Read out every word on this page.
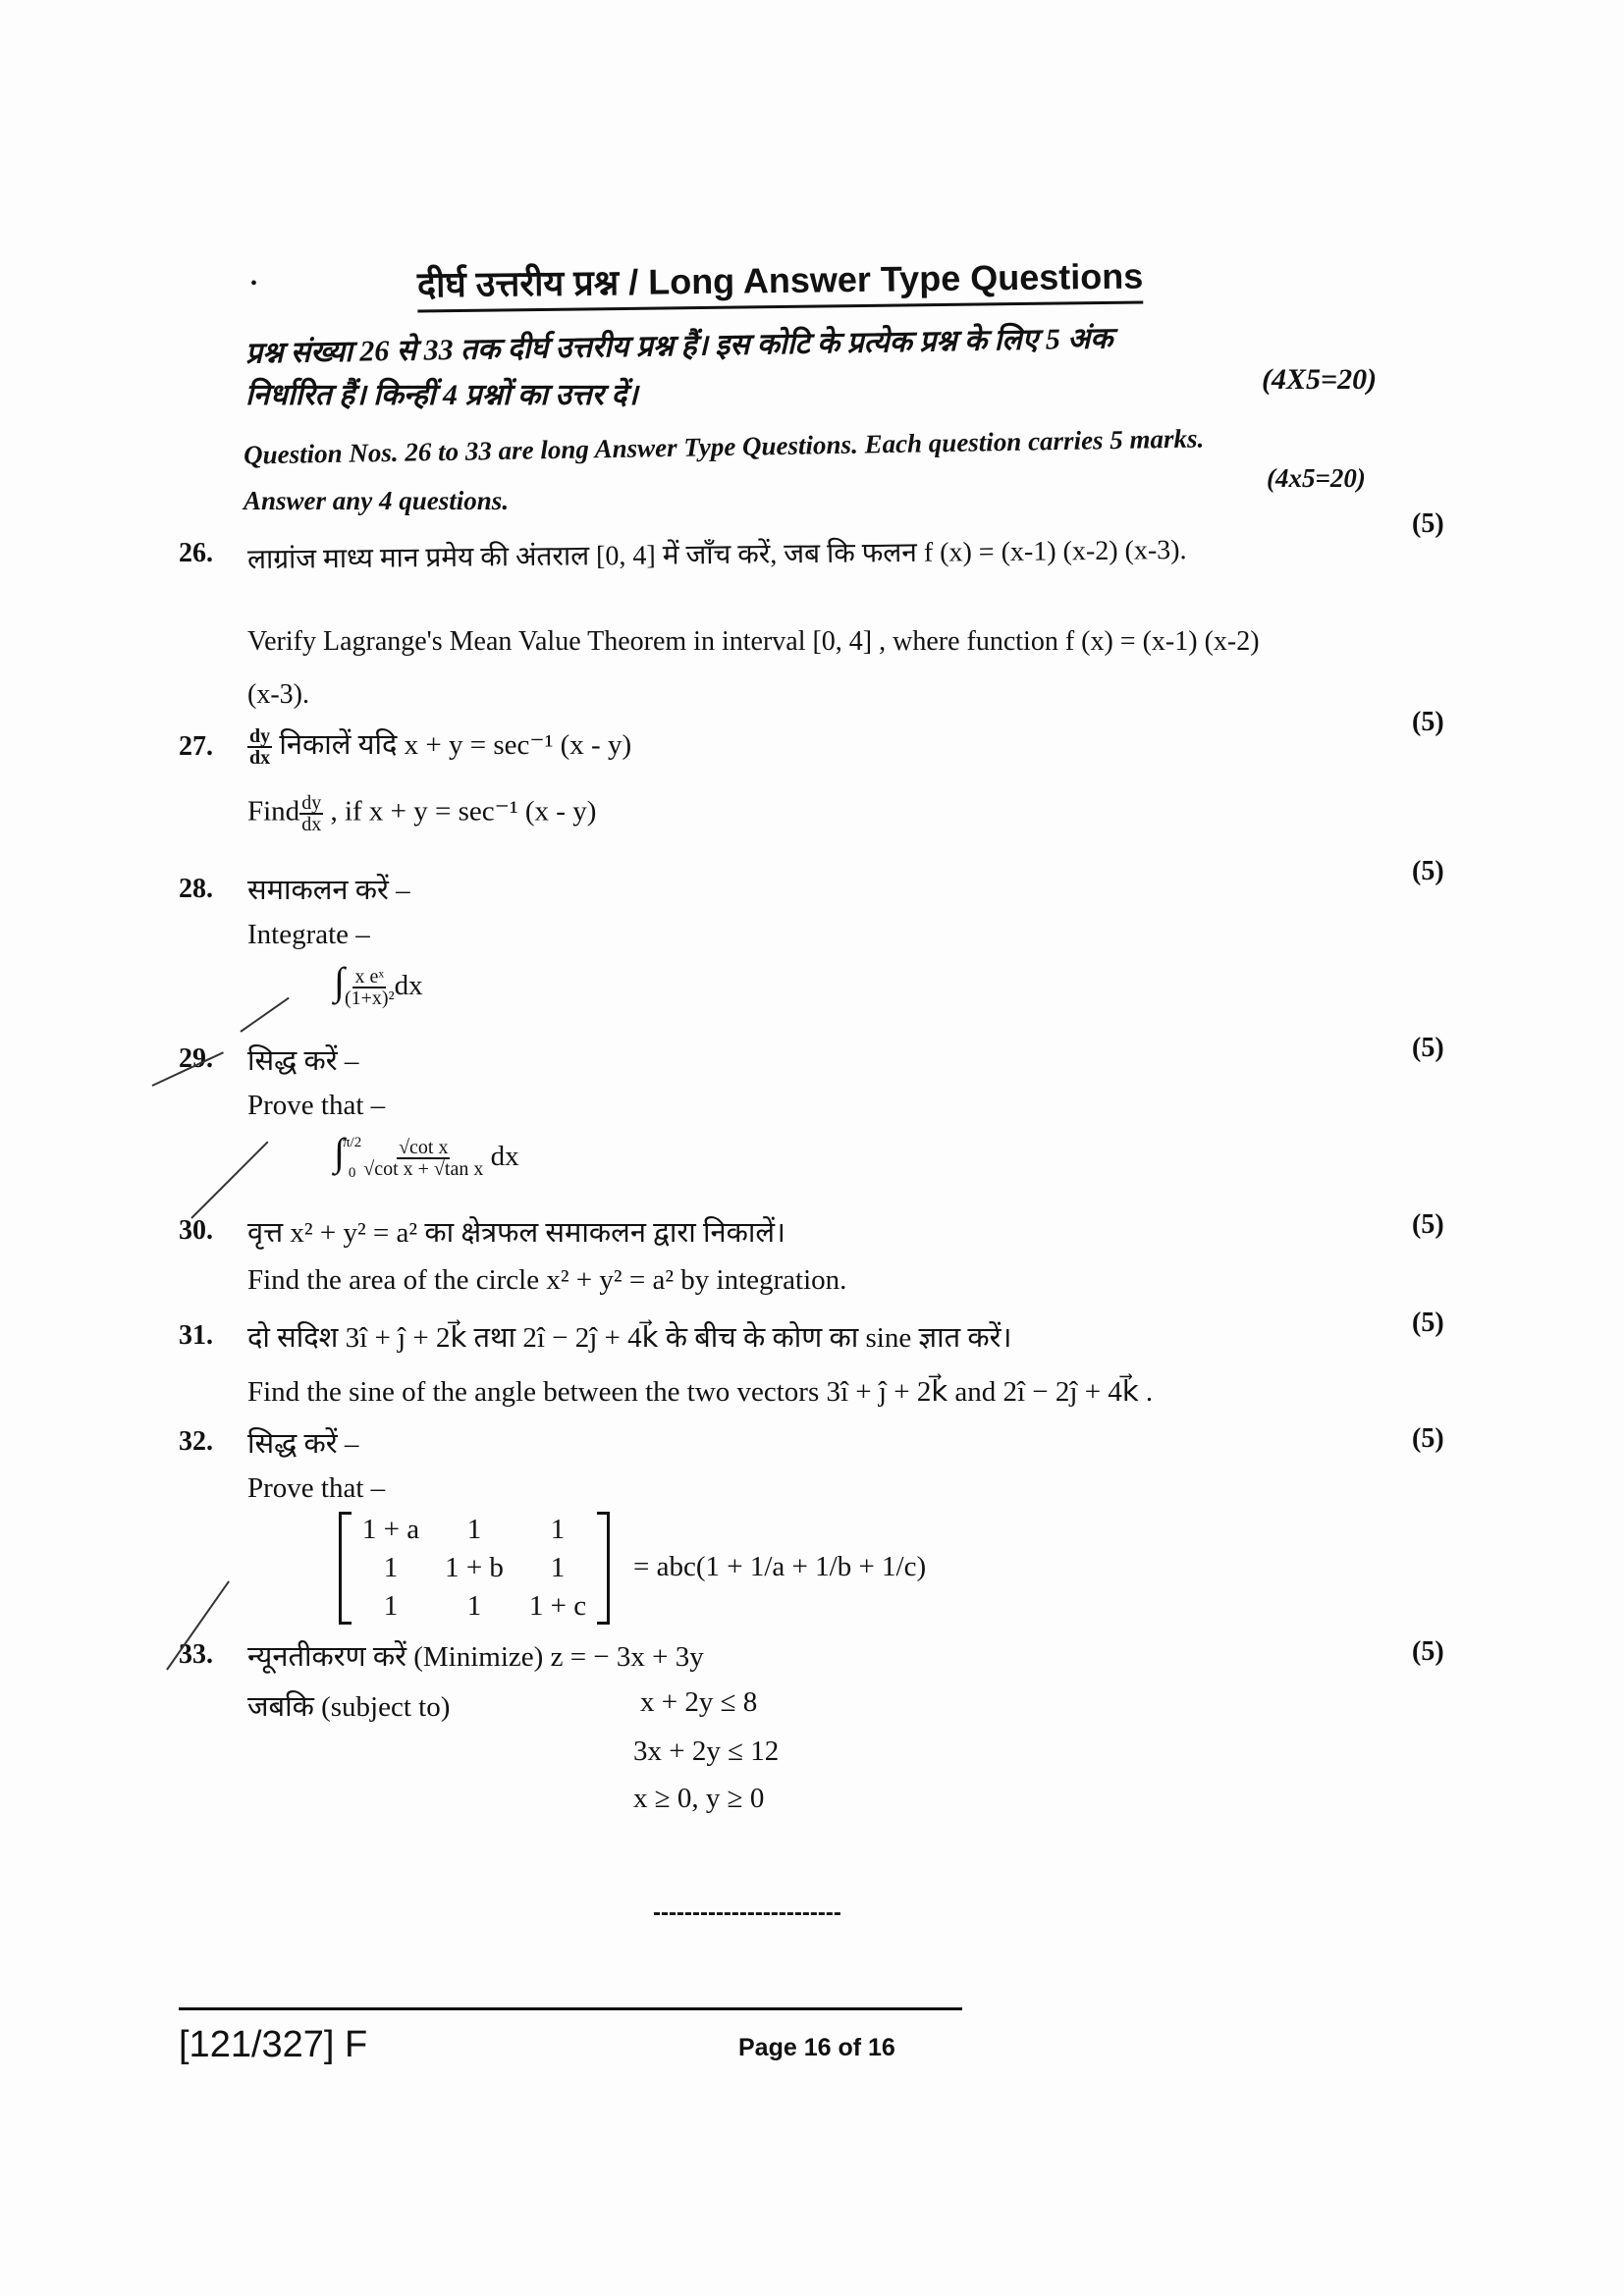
•	दीर्घ उत्तरीय प्रश्न / Long Answer Type Questions
प्रश्न संख्या 26 से 33 तक दीर्घ उत्तरीय प्रश्न हैं। इस कोटि के प्रत्येक प्रश्न के लिए 5 अंक
(4X5=20)
निर्धारित हैं। किन्हीं 4 प्रश्नों का उत्तर दें।
Question Nos. 26 to 33 are long Answer Type Questions. Each question carries 5 marks.
(4x5=20)
Answer any 4 questions.
26. लाग्रांज माध्य मान प्रमेय की अंतराल [0, 4] में जाँच करें, जब कि फलन f (x) = (x-1) (x-2) (x-3).
(5)
Verify Lagrange's Mean Value Theorem in interval [0, 4] , where function f (x) = (x-1) (x-2)
(x-3).
27. $\frac{dy}{dx}$ निकालें यदि x + y = sec⁻¹ (x - y)
(5)
Find $\frac{dy}{dx}$ , if x + y = sec⁻¹ (x - y)
28. समाकलन करें –
(5)
Integrate –
∫ $\frac{\text{x eˣ}}{\text{(1+x)²}}$ dx
29. सिद्ध करें –	(5)
Prove that –
∫
π/2
$0 \frac{\text{√cot x}}{\text{√cot x + √tan x}}$ dx
30. वृत्त x² + y² = a² का क्षेत्रफल समाकलन द्वारा निकालें।	(5)
Find the area of the circle x² + y² = a² by integration.
31. दो सदिश 3î + ĵ + 2k⃗ तथा 2î − 2ĵ + 4k⃗ के बीच के कोण का sine ज्ञात करें।	(5)
Find the sine of the angle between the two vectors 3î + ĵ + 2k⃗ and 2î − 2ĵ + 4k⃗ .
32. सिद्ध करें –	(5)
Prove that –
1 + a	1	1
1	1 + b	1
1	1	1 + c
= abc(1 + 1/a + 1/b + 1/c)
33. न्यूनतीकरण करें (Minimize) z = − 3x + 3y	(5)
जबकि (subject to)	x + 2y ≤ 8
3x + 2y ≤ 12
x ≥ 0, y ≥ 0
------------------------
[121/327] F	Page 16 of 16
